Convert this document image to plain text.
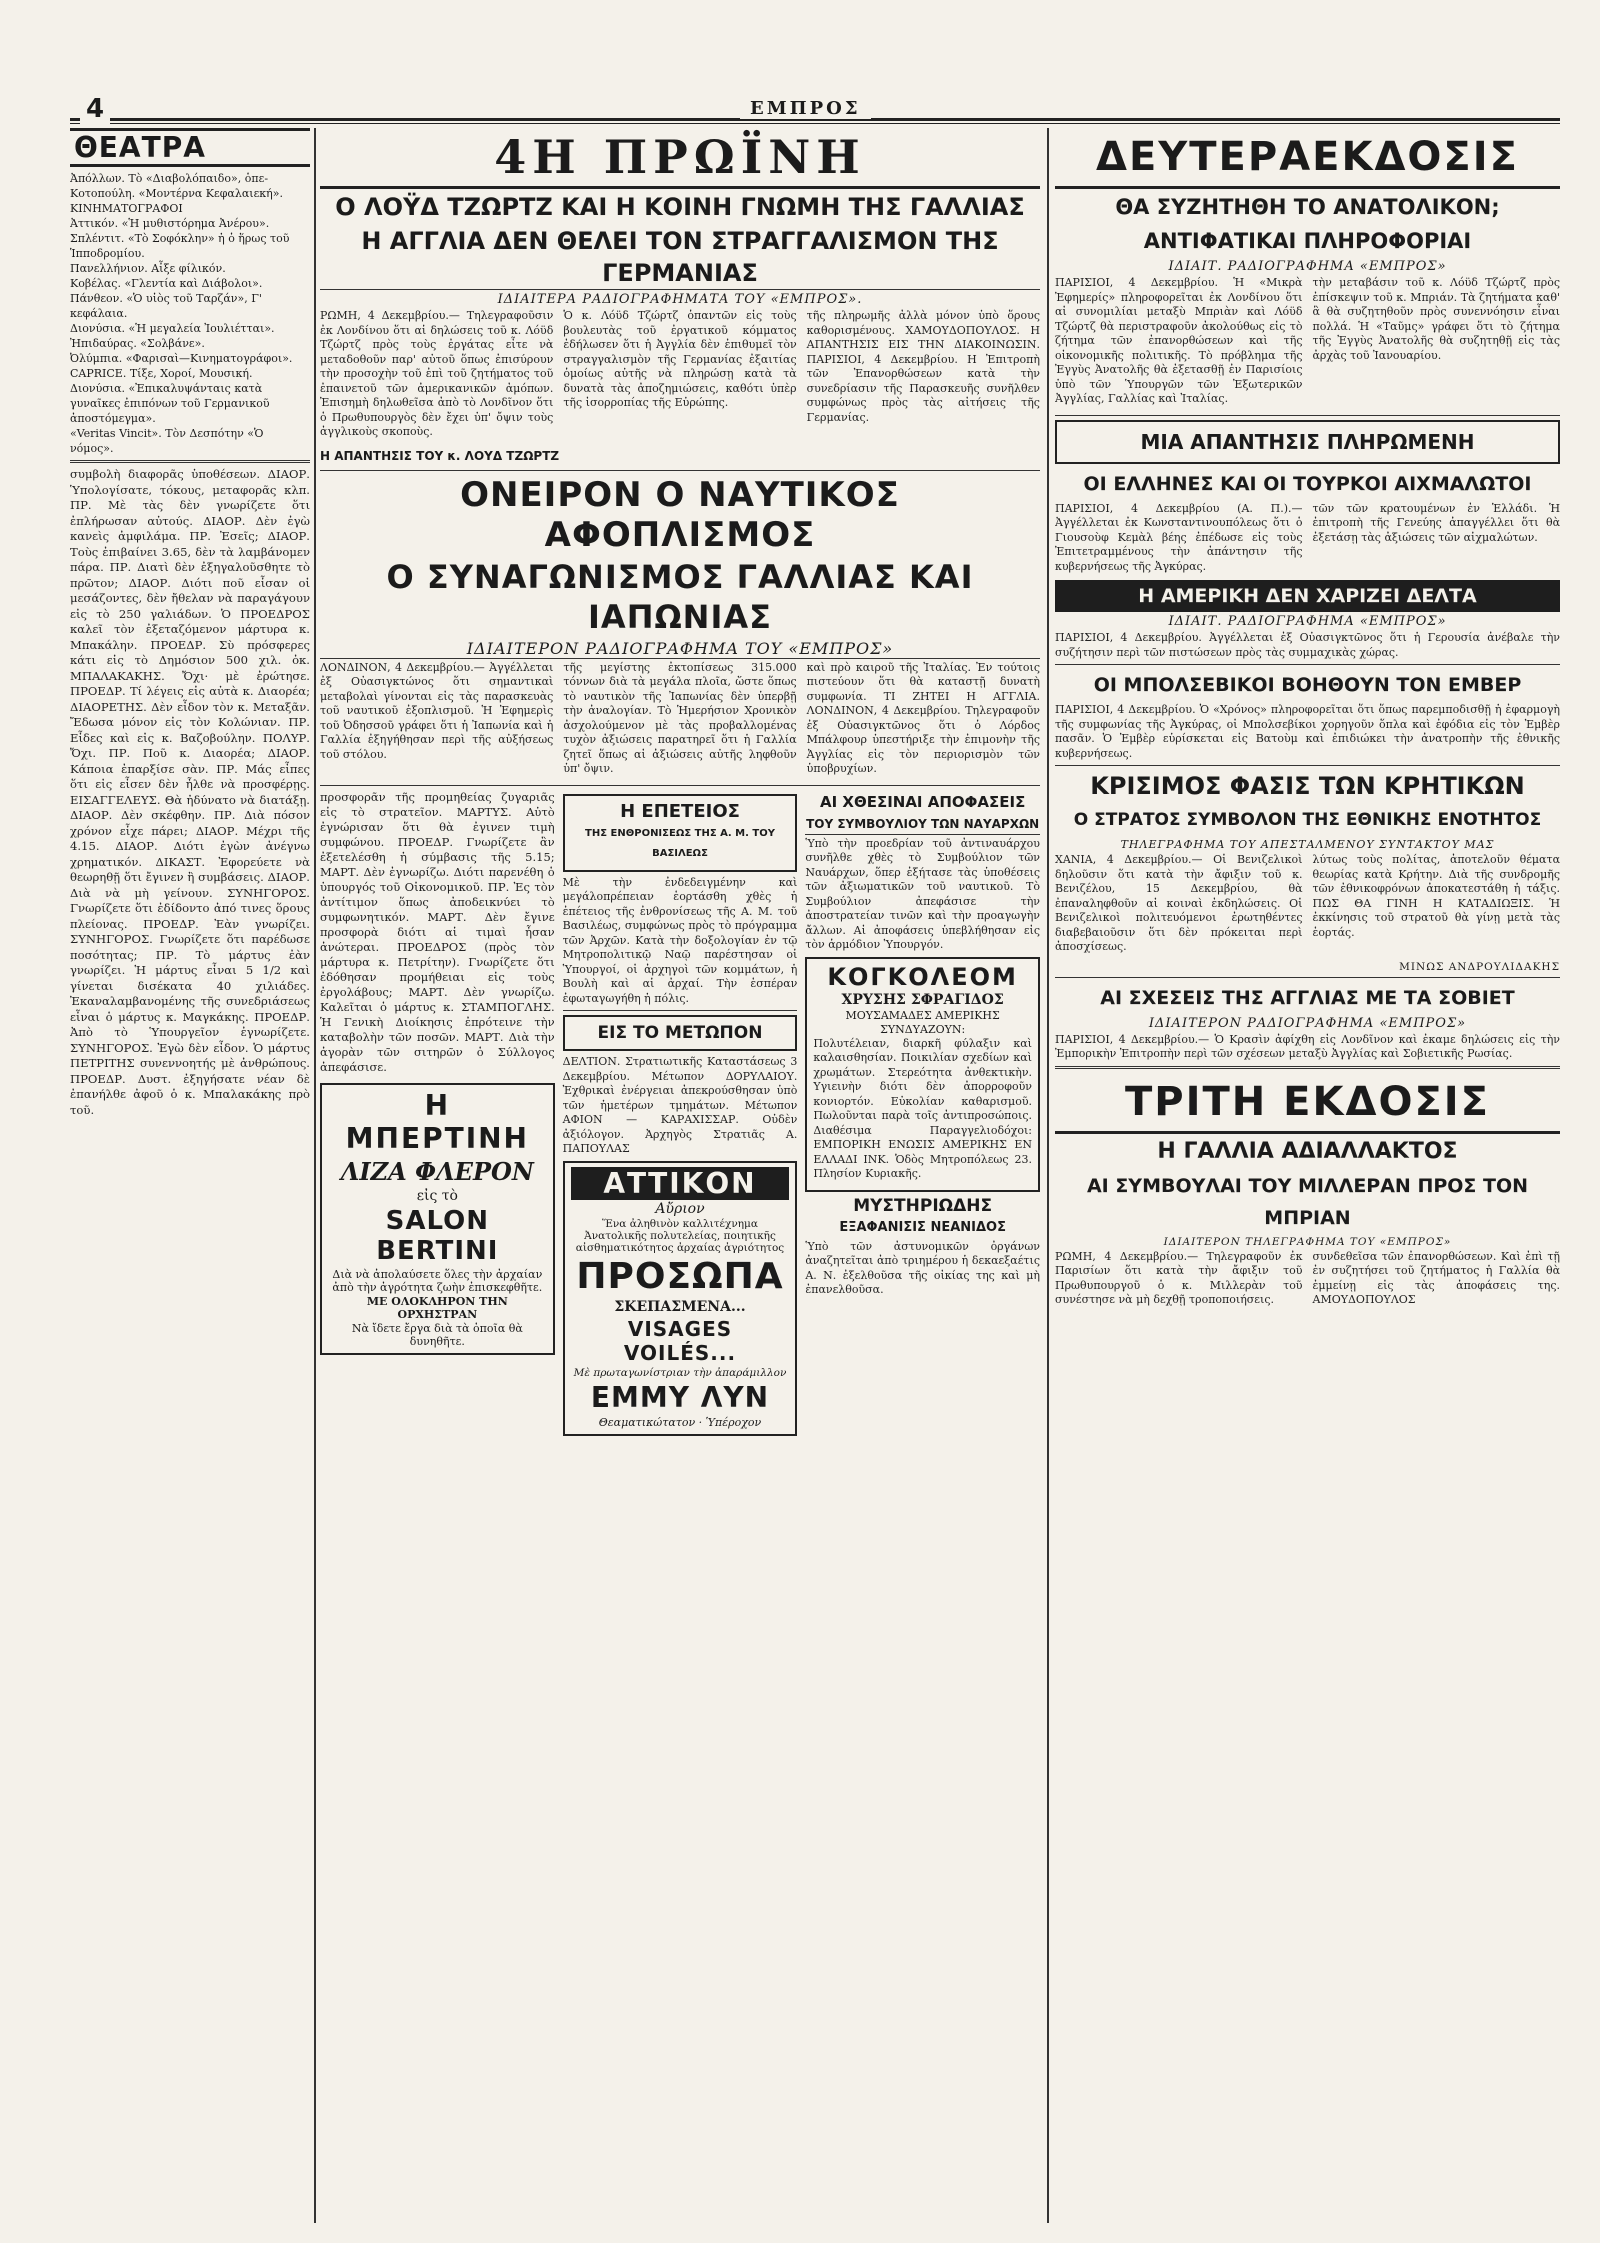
4	ΕΜΠΡΟΣ
ΘΕΑΤΡΑ

Ἀπόλλων. Τὸ «Διαβολόπαιδο», ὁπε-

Κοτοπούλη. «Μοντέρνα Κεφαλαιεκή».

ΚΙΝΗΜΑΤΟΓΡΑΦΟΙ

Ἀττικόν. «Ἡ μυθιστόρημα Ἀνέρου».

Σπλέντιτ. «Τὸ Σοφόκλην» ἡ ὁ ἥρως τοῦ Ἱπποδρομίου.

Πανελλήνιον. Αἶξε φίλικόν.

Κοβέλας. «Γλεντία καὶ Διάβολοι».

Πάνθεον. «Ὁ υἱὸς τοῦ Ταρζάν», Γ' κεφάλαια.

Διονύσια. «Ἡ μεγαλεία Ἰουλιέτται».

Ἠπιδαύρας. «Σολβάνε».

Ὀλύμπια. «Φαρισαὶ—Κινηματογράφοι».

CAPRICE. Τίξε, Χοροί, Μουσική.

Διονύσια. «Ἐπικαλυψάνταις κατὰ γυναῖκες ἐπιπόνων τοῦ Γερμανικοῦ ἀποστόμεγμα».

«Veritas Vincit». Τὸν Δεσπότην «Ὁ νόμος».

συμβολὴ διαφορᾶς ὑποθέσεων. ΔΙΑΟΡ. Ὑπολογίσατε, τόκους, μεταφορᾶς κλπ. ΠΡ. Μὲ τὰς δὲν γνωρίζετε ὅτι ἐπλήρωσαν αὐτούς. ΔΙΑΟΡ. Δὲν ἐγὼ κανεὶς ἀμφιλάμα. ΠΡ. Ἐσεῖς; ΔΙΑΟΡ. Τοὺς ἐπιβαίνει 3.65, δὲν τὰ λαμβάνομεν πάρα. ΠΡ. Διατὶ δὲν ἐξηγαλοῦσθητε τὸ πρῶτον; ΔΙΑΟΡ. Διότι ποῦ εἶσαν οἱ μεσάζοντες, δὲν ἤθελαν νὰ παραγάγουν εἰς τὸ 250 γαλιάδων. Ὁ ΠΡΟΕΔΡΟΣ καλεῖ τὸν ἐξεταζόμενον μάρτυρα κ. Μπακάλην. ΠΡΟΕΔΡ. Σὺ πρόσφερες κάτι εἰς τὸ Δημόσιον 500 χιλ. ὀκ. ΜΠΑΛΑΚΑΚΗΣ. Ὄχι· μὲ ἐρώτησε. ΠΡΟΕΔΡ. Τί λέγεις εἰς αὐτὰ κ. Διαορέα; ΔΙΑΟΡΕΤΗΣ. Δὲν εἶδον τὸν κ. Μεταξᾶν. Ἔδωσα μόνον εἰς τὸν Κολώνιαν. ΠΡ. Εἶδες καὶ εἰς κ. Βαζοβούλην. ΠΟΛΥΡ. Ὄχι. ΠΡ. Ποῦ κ. Διαορέα; ΔΙΑΟΡ. Κάποια ἐπαρξίσε σὰν. ΠΡ. Μάς εἶπες ὅτι εἰς εἶσεν δὲν ἦλθε νὰ προσφέρῃς. ΕΙΣΑΓΓΕΛΕΥΣ. Θὰ ἠδύνατο νὰ διατάξῃ. ΔΙΑΟΡ. Δὲν σκέφθην. ΠΡ. Διὰ πόσον χρόνον εἶχε πάρει; ΔΙΑΟΡ. Μέχρι τῆς 4.15. ΔΙΑΟΡ. Διότι ἐγὼν ἀνέγνω χρηματικόν. ΔΙΚΑΣΤ. Ἐφορεύετε νὰ θεωρηθῇ ὅτι ἔγινεν ἢ συμβάσεις. ΔΙΑΟΡ. Διὰ νὰ μὴ γείνουν. ΣΥΝΗΓΟΡΟΣ. Γνωρίζετε ὅτι ἐδίδοντο ἀπό τινες ὅρους πλείονας. ΠΡΟΕΔΡ. Ἐὰν γνωρίζει. ΣΥΝΗΓΟΡΟΣ. Γνωρίζετε ὅτι παρέδωσε ποσότητας; ΠΡ. Τὸ μάρτυς ἐὰν γνωρίζει. Ἡ μάρτυς εἶναι 5 1/2 καὶ γίνεται δισέκατα 40 χιλιάδες. Ἐκαναλαμβανομένης τῆς συνεδριάσεως εἶναι ὁ μάρτυς κ. Μαγκάκης. ΠΡΟΕΔΡ. Ἀπὸ τὸ Ὑπουργεῖον ἐγνωρίζετε. ΣΥΝΗΓΟΡΟΣ. Ἐγὼ δὲν εἶδον. Ὁ μάρτυς ΠΕΤΡΙΤΗΣ συνεννοητής μὲ ἀνθρώπους. ΠΡΟΕΔΡ. Δυστ. ἐξηγήσατε νέαν δὲ ἐπανήλθε ἀφοῦ ὁ κ. Μπαλακάκης πρὸ τοῦ.

4Η ΠΡΩΪΝΗ
Ο ΛΟΫΔ ΤΖΩΡΤΖ ΚΑΙ Η ΚΟΙΝΗ ΓΝΩΜΗ ΤΗΣ ΓΑΛΛΙΑΣ
Η ΑΓΓΛΙΑ ΔΕΝ ΘΕΛΕΙ ΤΟΝ ΣΤΡΑΓΓΑΛΙΣΜΟΝ ΤΗΣ ΓΕΡΜΑΝΙΑΣ
ΙΔΙΑΙΤΕΡΑ ΡΑΔΙΟΓΡΑΦΗΜΑΤΑ ΤΟΥ «ΕΜΠΡΟΣ».

ΡΩΜΗ, 4 Δεκεμβρίου.— Τηλεγραφοῦσιν ἐκ Λονδίνου ὅτι αἱ δηλώσεις τοῦ κ. Λόϋδ Τζώρτζ πρὸς τοὺς ἐργάτας εἶτε νὰ μεταδοθοῦν παρ' αὐτοῦ ὅπως ἐπισύρουν τὴν προσοχὴν τοῦ ἐπὶ τοῦ ζητήματος τοῦ ἐπαινετοῦ τῶν ἀμερικανικῶν ἀμόπων. Ἐπισημὴ δηλωθεῖσα ἀπὸ τὸ Λονδῖνον ὅτι ὁ Πρωθυπουργὸς δὲν ἔχει ὑπ' ὄψιν τοὺς ἀγγλικοὺς σκοποὺς.

Ὁ κ. Λόϋδ Τζώρτζ ὁπαντῶν εἰς τοὺς βουλευτὰς τοῦ ἐργατικοῦ κόμματος ἐδήλωσεν ὅτι ἡ Ἀγγλία δὲν ἐπιθυμεῖ τὸν στραγγαλισμὸν τῆς Γερμανίας ἐξαιτίας ὁμοίως αὐτῆς νὰ πληρώσῃ κατὰ τὰ δυνατὰ τὰς ἀποζημιώσεις, καθότι ὑπὲρ τῆς ἰσορροπίας τῆς Εὐρώπης.

τῆς πληρωμῆς ἀλλὰ μόνον ὑπὸ ὅρους καθορισμένους. ΧΑΜΟΥΔΟΠΟΥΛΟΣ. Η ΑΠΑΝΤΗΣΙΣ ΕΙΣ ΤΗΝ ΔΙΑΚΟΙΝΩΣΙΝ. ΠΑΡΙΣΙΟΙ, 4 Δεκεμβρίου. Η Ἐπιτροπὴ τῶν Ἐπανορθώσεων κατὰ τὴν συνεδρίασιν τῆς Παρασκευῆς συνῆλθεν συμφώνως πρὸς τὰς αἰτήσεις τῆς Γερμανίας.

Η ΑΠΑΝΤΗΣΙΣ ΤΟΥ κ. ΛΟΥΔ ΤΖΩΡΤΖ
ΟΝΕΙΡΟΝ Ο ΝΑΥΤΙΚΟΣ ΑΦΟΠΛΙΣΜΟΣ
Ο ΣΥΝΑΓΩΝΙΣΜΟΣ ΓΑΛΛΙΑΣ ΚΑΙ ΙΑΠΩΝΙΑΣ
ΙΔΙΑΙΤΕΡΟΝ ΡΑΔΙΟΓΡΑΦΗΜΑ ΤΟΥ «ΕΜΠΡΟΣ»

ΛΟΝΔΙΝΟΝ, 4 Δεκεμβρίου.— Ἀγγέλλεται ἐξ Οὐασιγκτώνος ὅτι σημαντικαὶ μεταβολαὶ γίνονται εἰς τὰς παρασκευὰς τοῦ ναυτικοῦ ἐξοπλισμοῦ. Ἡ Ἐφημερὶς τοῦ Ὀδησσοῦ γράφει ὅτι ἡ Ἰαπωνία καὶ ἡ Γαλλία ἐξηγήθησαν περὶ τῆς αὐξήσεως τοῦ στόλου.

τῆς μεγίστης ἐκτοπίσεως 315.000 τόννων διὰ τὰ μεγάλα πλοῖα, ὥστε ὅπως τὸ ναυτικὸν τῆς Ἰαπωνίας δὲν ὑπερβῇ τὴν ἀναλογίαν. Τὸ Ἡμερήσιον Χρονικὸν ἀσχολούμενον μὲ τὰς προβαλλομένας τυχὸν ἀξιώσεις παρατηρεῖ ὅτι ἡ Γαλλία ζητεῖ ὅπως αἱ ἀξιώσεις αὐτῆς ληφθοῦν ὑπ' ὄψιν.

καὶ πρὸ καιροῦ τῆς Ἰταλίας. Ἐν τούτοις πιστεύουν ὅτι θὰ καταστῇ δυνατὴ συμφωνία. ΤΙ ΖΗΤΕΙ Η ΑΓΓΛΙΑ. ΛΟΝΔΙΝΟΝ, 4 Δεκεμβρίου. Τηλεγραφοῦν ἐξ Οὐασιγκτῶνος ὅτι ὁ Λόρδος Μπάλφουρ ὑπεστήριξε τὴν ἐπιμονὴν τῆς Ἀγγλίας εἰς τὸν περιορισμὸν τῶν ὑποβρυχίων.

προσφορᾶν τῆς προμηθείας ζυγαριᾶς εἰς τὸ στρατεῖον. ΜΑΡΤΥΣ. Αὐτὸ ἐγνώρισαν ὅτι θὰ ἐγινεν τιμὴ συμφώνου. ΠΡΟΕΔΡ. Γνωρίζετε ἂν ἐξετελέσθη ἡ σύμβασις τῆς 5.15; ΜΑΡΤ. Δὲν ἐγνωρίζω. Διότι παρενέθη ὁ ὑπουργός τοῦ Οἰκονομικοῦ. ΠΡ. Ἐς τὸν ἀντίτιμον ὅπως ἀποδεικνύει τὸ συμφωνητικόν. ΜΑΡΤ. Δὲν ἔγινε προσφορὰ διότι αἱ τιμαὶ ἦσαν ἀνώτεραι. ΠΡΟΕΔΡΟΣ (πρὸς τὸν μάρτυρα κ. Πετρίτην). Γνωρίζετε ὅτι ἐδόθησαν προμήθειαι εἰς τοὺς ἐργολάβους; ΜΑΡΤ. Δὲν γνωρίζω. Καλεῖται ὁ μάρτυς κ. ΣΤΑΜΠΟΓΛΗΣ. Ἡ Γενικὴ Διοίκησις ἐπρότεινε τὴν καταβολὴν τῶν ποσῶν. ΜΑΡΤ. Διὰ τὴν ἀγορὰν τῶν σιτηρῶν ὁ Σύλλογος ἀπεφάσισε.

Η ΜΠΕΡΤΙΝΗ
ΛΙΖΑ ΦΛΕΡΟΝ
εἰς τὸ
SALON BERTINI
Διὰ νὰ ἀπολαύσετε ὅλες τὴν ἀρχαίαν ἀπὸ τὴν ἀγρότητα ζωὴν ἐπισκεφθῆτε.
ΜΕ ΟΛΟΚΛΗΡΟΝ ΤΗΝ ΟΡΧΗΣΤΡΑΝ
Νὰ ἴδετε ἔργα διὰ τὰ ὁποῖα θὰ δυνηθῆτε.
Η ΕΠΕΤΕΙΟΣ
ΤΗΣ ΕΝΘΡΟΝΙΣΕΩΣ ΤΗΣ Α. Μ. ΤΟΥ ΒΑΣΙΛΕΩΣ

Μὲ τὴν ἐνδεδειγμένην καὶ μεγάλοπρέπειαν ἑορτάσθη χθὲς ἡ ἐπέτειος τῆς ἐνθρονίσεως τῆς Α. Μ. τοῦ Βασιλέως, συμφώνως πρὸς τὸ πρόγραμμα τῶν Ἀρχῶν. Κατὰ τὴν δοξολογίαν ἐν τῷ Μητροπολιτικῷ Ναῷ παρέστησαν οἱ Ὑπουργοί, οἱ ἀρχηγοὶ τῶν κομμάτων, ἡ Βουλὴ καὶ αἱ ἀρχαί. Τὴν ἑσπέραν ἐφωταγωγήθη ἡ πόλις.

ΕΙΣ ΤΟ ΜΕΤΩΠΟΝ

ΔΕΛΤΙΟΝ. Στρατιωτικῆς Καταστάσεως 3 Δεκεμβρίου. Μέτωπον ΔΟΡΥΛΑΙΟΥ. Ἐχθρικαὶ ἐνέργειαι ἀπεκρούσθησαν ὑπὸ τῶν ἡμετέρων τμημάτων. Μέτωπον ΑΦΙΟΝ — ΚΑΡΑΧΙΣΣΑΡ. Οὐδὲν ἀξιόλογον. Ἀρχηγὸς Στρατιᾶς Α. ΠΑΠΟΥΛΑΣ

ΑΤΤΙΚΟΝ
Αὔριον
Ἕνα ἀληθινὸν καλλιτέχνημα Ἀνατολικῆς πολυτελείας, ποιητικῆς αἰσθηματικότητος ἀρχαίας ἀγριότητος
ΠΡΟΣΩΠΑ
ΣΚΕΠΑΣΜΕΝΑ...
VISAGES VOILÉS...
Μὲ πρωταγωνίστριαν τὴν ἀπαράμιλλον
ΕΜΜΥ ΛΥΝ
Θεαματικώτατον · Ὑπέροχον
ΑΙ ΧΘΕΣΙΝΑΙ ΑΠΟΦΑΣΕΙΣ
ΤΟΥ ΣΥΜΒΟΥΛΙΟΥ ΤΩΝ ΝΑΥΑΡΧΩΝ

Ὑπὸ τὴν προεδρίαν τοῦ ἀντιναυάρχου συνῆλθε χθὲς τὸ Συμβούλιον τῶν Ναυάρχων, ὅπερ ἐξήτασε τὰς ὑποθέσεις τῶν ἀξιωματικῶν τοῦ ναυτικοῦ. Τὸ Συμβούλιον ἀπεφάσισε τὴν ἀποστρατείαν τινῶν καὶ τὴν προαγωγὴν ἄλλων. Αἱ ἀποφάσεις ὑπεβλήθησαν εἰς τὸν ἁρμόδιον Ὑπουργόν.

ΚΟΓΚΟΛΕΟΜ
ΧΡΥΣΗΣ ΣΦΡΑΓΙΔΟΣ
ΜΟΥΣΑΜΑΔΕΣ ΑΜΕΡΙΚΗΣ
ΣΥΝΔΥΑΖΟΥΝ:

Πολυτέλειαν, διαρκῆ φύλαξιν καὶ καλαισθησίαν. Ποικιλίαν σχεδίων καὶ χρωμάτων. Στερεότητα ἀνθεκτικὴν. Υγιεινὴν διότι δὲν ἀπορροφοῦν κονιορτόν. Εὐκολίαν καθαρισμοῦ. Πωλοῦνται παρὰ τοῖς ἀντιπροσώποις. Διαθέσιμα Παραγγελιοδόχοι: ΕΜΠΟΡΙΚΗ ΕΝΩΣΙΣ ΑΜΕΡΙΚΗΣ ΕΝ ΕΛΛΑΔΙ ΙΝΚ. Ὁδὸς Μητροπόλεως 23. Πλησίον Κυριακῆς.

ΜΥΣΤΗΡΙΩΔΗΣ
ΕΞΑΦΑΝΙΣΙΣ ΝΕΑΝΙΔΟΣ

Ὑπὸ τῶν ἀστυνομικῶν ὀργάνων ἀναζητεῖται ἀπὸ τριημέρου ἡ δεκαεξαέτις Α. Ν. ἐξελθοῦσα τῆς οἰκίας της καὶ μὴ ἐπανελθοῦσα.

ΔΕΥΤΕΡΑΕΚΔΟΣΙΣ
ΘΑ ΣΥΖΗΤΗΘΗ ΤΟ ΑΝΑΤΟΛΙΚΟΝ;
ΑΝΤΙΦΑΤΙΚΑΙ ΠΛΗΡΟΦΟΡΙΑΙ
ΙΔΙΑΙΤ. ΡΑΔΙΟΓΡΑΦΗΜΑ «ΕΜΠΡΟΣ»

ΠΑΡΙΣΙΟΙ, 4 Δεκεμβρίου. Ἡ «Μικρὰ Ἐφημερίς» πληροφορεῖται ἐκ Λονδίνου ὅτι αἱ συνομιλίαι μεταξὺ Μπριὰν καὶ Λόϋδ Τζώρτζ θὰ περιστραφοῦν ἀκολούθως εἰς τὸ ζήτημα τῶν ἐπανορθώσεων καὶ τῆς οἰκονομικῆς πολιτικῆς. Τὸ πρόβλημα τῆς Ἐγγὺς Ἀνατολῆς θὰ ἐξετασθῇ ἐν Παρισίοις ὑπὸ τῶν Ὑπουργῶν τῶν Ἐξωτερικῶν Ἀγγλίας, Γαλλίας καὶ Ἰταλίας.

τὴν μεταβάσιν τοῦ κ. Λόϋδ Τζώρτζ πρὸς ἐπίσκεψιν τοῦ κ. Μπριάν. Τὰ ζητήματα καθ' ἃ θὰ συζητηθοῦν πρὸς συνεννόησιν εἶναι πολλά. Ἡ «Ταῦμς» γράφει ὅτι τὸ ζήτημα τῆς Ἐγγὺς Ἀνατολῆς θὰ συζητηθῇ εἰς τὰς ἀρχὰς τοῦ Ἰανουαρίου.

ΜΙΑ ΑΠΑΝΤΗΣΙΣ ΠΛΗΡΩΜΕΝΗ
ΟΙ ΕΛΛΗΝΕΣ ΚΑΙ ΟΙ ΤΟΥΡΚΟΙ ΑΙΧΜΑΛΩΤΟΙ

ΠΑΡΙΣΙΟΙ, 4 Δεκεμβρίου (Α. Π.).— Ἀγγέλλεται ἐκ Κωνσταντινουπόλεως ὅτι ὁ Γιουσοὺφ Κεμὰλ βέης ἐπέδωσε εἰς τοὺς Ἐπιτετραμμένους τὴν ἀπάντησιν τῆς κυβερνήσεως τῆς Ἀγκύρας.

τῶν τῶν κρατουμένων ἐν Ἑλλάδι. Ἡ ἐπιτροπὴ τῆς Γενεύης ἀπαγγέλλει ὅτι θὰ ἐξετάσῃ τὰς ἀξιώσεις τῶν αἰχμαλώτων.

Η ΑΜΕΡΙΚΗ ΔΕΝ ΧΑΡΙΖΕΙ ΔΕΛΤΑ
ΙΔΙΑΙΤ. ΡΑΔΙΟΓΡΑΦΗΜΑ «ΕΜΠΡΟΣ»

ΠΑΡΙΣΙΟΙ, 4 Δεκεμβρίου. Ἀγγέλλεται ἐξ Οὐασιγκτῶνος ὅτι ἡ Γερουσία ἀνέβαλε τὴν συζήτησιν περὶ τῶν πιστώσεων πρὸς τὰς συμμαχικὰς χώρας.

ΟΙ ΜΠΟΛΣΕΒΙΚΟΙ ΒΟΗΘΟΥΝ ΤΟΝ ΕΜΒΕΡ

ΠΑΡΙΣΙΟΙ, 4 Δεκεμβρίου. Ὁ «Χρόνος» πληροφορεῖται ὅτι ὅπως παρεμποδισθῇ ἡ ἐφαρμογὴ τῆς συμφωνίας τῆς Ἀγκύρας, οἱ Μπολσεβίκοι χορηγοῦν ὅπλα καὶ ἐφόδια εἰς τὸν Ἐμβὲρ πασᾶν. Ὁ Ἐμβὲρ εὑρίσκεται εἰς Βατοὺμ καὶ ἐπιδιώκει τὴν ἀνατροπὴν τῆς ἐθνικῆς κυβερνήσεως.

ΚΡΙΣΙΜΟΣ ΦΑΣΙΣ ΤΩΝ ΚΡΗΤΙΚΩΝ
Ο ΣΤΡΑΤΟΣ ΣΥΜΒΟΛΟΝ ΤΗΣ ΕΘΝΙΚΗΣ ΕΝΟΤΗΤΟΣ
ΤΗΛΕΓΡΑΦΗΜΑ ΤΟΥ ΑΠΕΣΤΑΛΜΕΝΟΥ ΣΥΝΤΑΚΤΟΥ ΜΑΣ

ΧΑΝΙΑ, 4 Δεκεμβρίου.— Οἱ Βενιζελικοὶ δηλοῦσιν ὅτι κατὰ τὴν ἄφιξιν τοῦ κ. Βενιζέλου, 15 Δεκεμβρίου, θὰ ἐπαναληφθοῦν αἱ κοιναὶ ἐκδηλώσεις. Οἱ Βενιζελικοὶ πολιτευόμενοι ἐρωτηθέντες διαβεβαιοῦσιν ὅτι δὲν πρόκειται περὶ ἀποσχίσεως.

λύτως τοὺς πολίτας, ἀποτελοῦν θέματα θεωρίας κατὰ Κρήτην. Διὰ τῆς συνδρομῆς τῶν ἐθνικοφρόνων ἀποκατεστάθη ἡ τάξις. ΠΩΣ ΘΑ ΓΙΝΗ Η ΚΑΤΑΔΙΩΞΙΣ. Ἡ ἐκκίνησις τοῦ στρατοῦ θὰ γίνῃ μετὰ τὰς ἑορτάς.

ΜΙΝΩΣ ΑΝΔΡΟΥΛΙΔΑΚΗΣ
ΑΙ ΣΧΕΣΕΙΣ ΤΗΣ ΑΓΓΛΙΑΣ ΜΕ ΤΑ ΣΟΒΙΕΤ
ΙΔΙΑΙΤΕΡΟΝ ΡΑΔΙΟΓΡΑΦΗΜΑ «ΕΜΠΡΟΣ»

ΠΑΡΙΣΙΟΙ, 4 Δεκεμβρίου.— Ὁ Κρασὶν ἀφίχθη εἰς Λονδῖνον καὶ ἐκαμε δηλώσεις εἰς τὴν Ἐμπορικὴν Ἐπιτροπὴν περὶ τῶν σχέσεων μεταξὺ Ἀγγλίας καὶ Σοβιετικῆς Ρωσίας.

ΤΡΙΤΗ ΕΚΔΟΣΙΣ
Η ΓΑΛΛΙΑ ΑΔΙΑΛΛΑΚΤΟΣ
ΑΙ ΣΥΜΒΟΥΛΑΙ ΤΟΥ ΜΙΛΛΕΡΑΝ ΠΡΟΣ ΤΟΝ ΜΠΡΙΑΝ
ΙΔΙΑΙΤΕΡΟΝ ΤΗΛΕΓΡΑΦΗΜΑ ΤΟΥ «ΕΜΠΡΟΣ»

ΡΩΜΗ, 4 Δεκεμβρίου.— Τηλεγραφοῦν ἐκ Παρισίων ὅτι κατὰ τὴν ἄφιξιν τοῦ Πρωθυπουργοῦ ὁ κ. Μιλλερὰν τοῦ συνέστησε νὰ μὴ δεχθῇ τροποποιήσεις.

συνδεθεῖσα τῶν ἐπανορθώσεων. Καὶ ἐπὶ τῇ ἐν συζητήσει τοῦ ζητήματος ἡ Γαλλία θὰ ἐμμείνῃ εἰς τὰς ἀποφάσεις της. ΑΜΟΥΔΟΠΟΥΛΟΣ
